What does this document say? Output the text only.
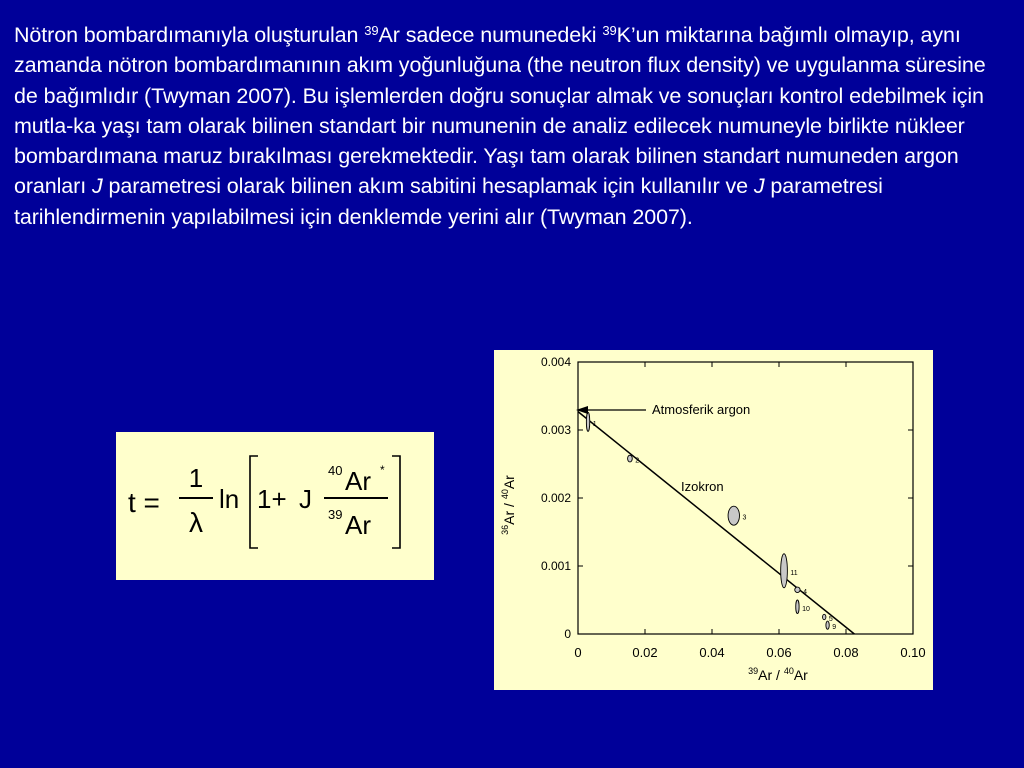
Nötron bombardımanıyla oluşturulan $^{39}$Ar sadece numunedeki $^{39}$K’un miktarına bağımlı olmayıp, aynı zamanda nötron bombardımanının akım yoğunluğuna (the neutron flux density) ve uygulanma süresine de bağımlıdır (Twyman 2007). Bu işlemlerden doğru sonuçlar almak ve sonuçları kontrol edebilmek için mutla-ka yaşı tam olarak bilinen standart bir numunenin de analiz edilecek numuneyle birlikte nükleer bombardımana maruz bırakılması gerekmektedir. Yaşı tam olarak bilinen standart numuneden argon oranları J parametresi olarak bilinen akım sabitini hesaplamak için kullanılır ve J parametresi tarihlendirmenin yapılabilmesi için denklemde yerini alır (Twyman 2007).

t =
1
λ
ln 1+ J
40 Ar *
39 Ar
0	0.02	0.04	0.06	0.08	0.10
0
0.001
0.002
0.003
0.004
1
2
3
11
4
10
5
9
Atmosferik argon
Izokron
$^{39}$Ar / $^{40}$Ar
$^{36}$Ar / $^{40}$Ar
